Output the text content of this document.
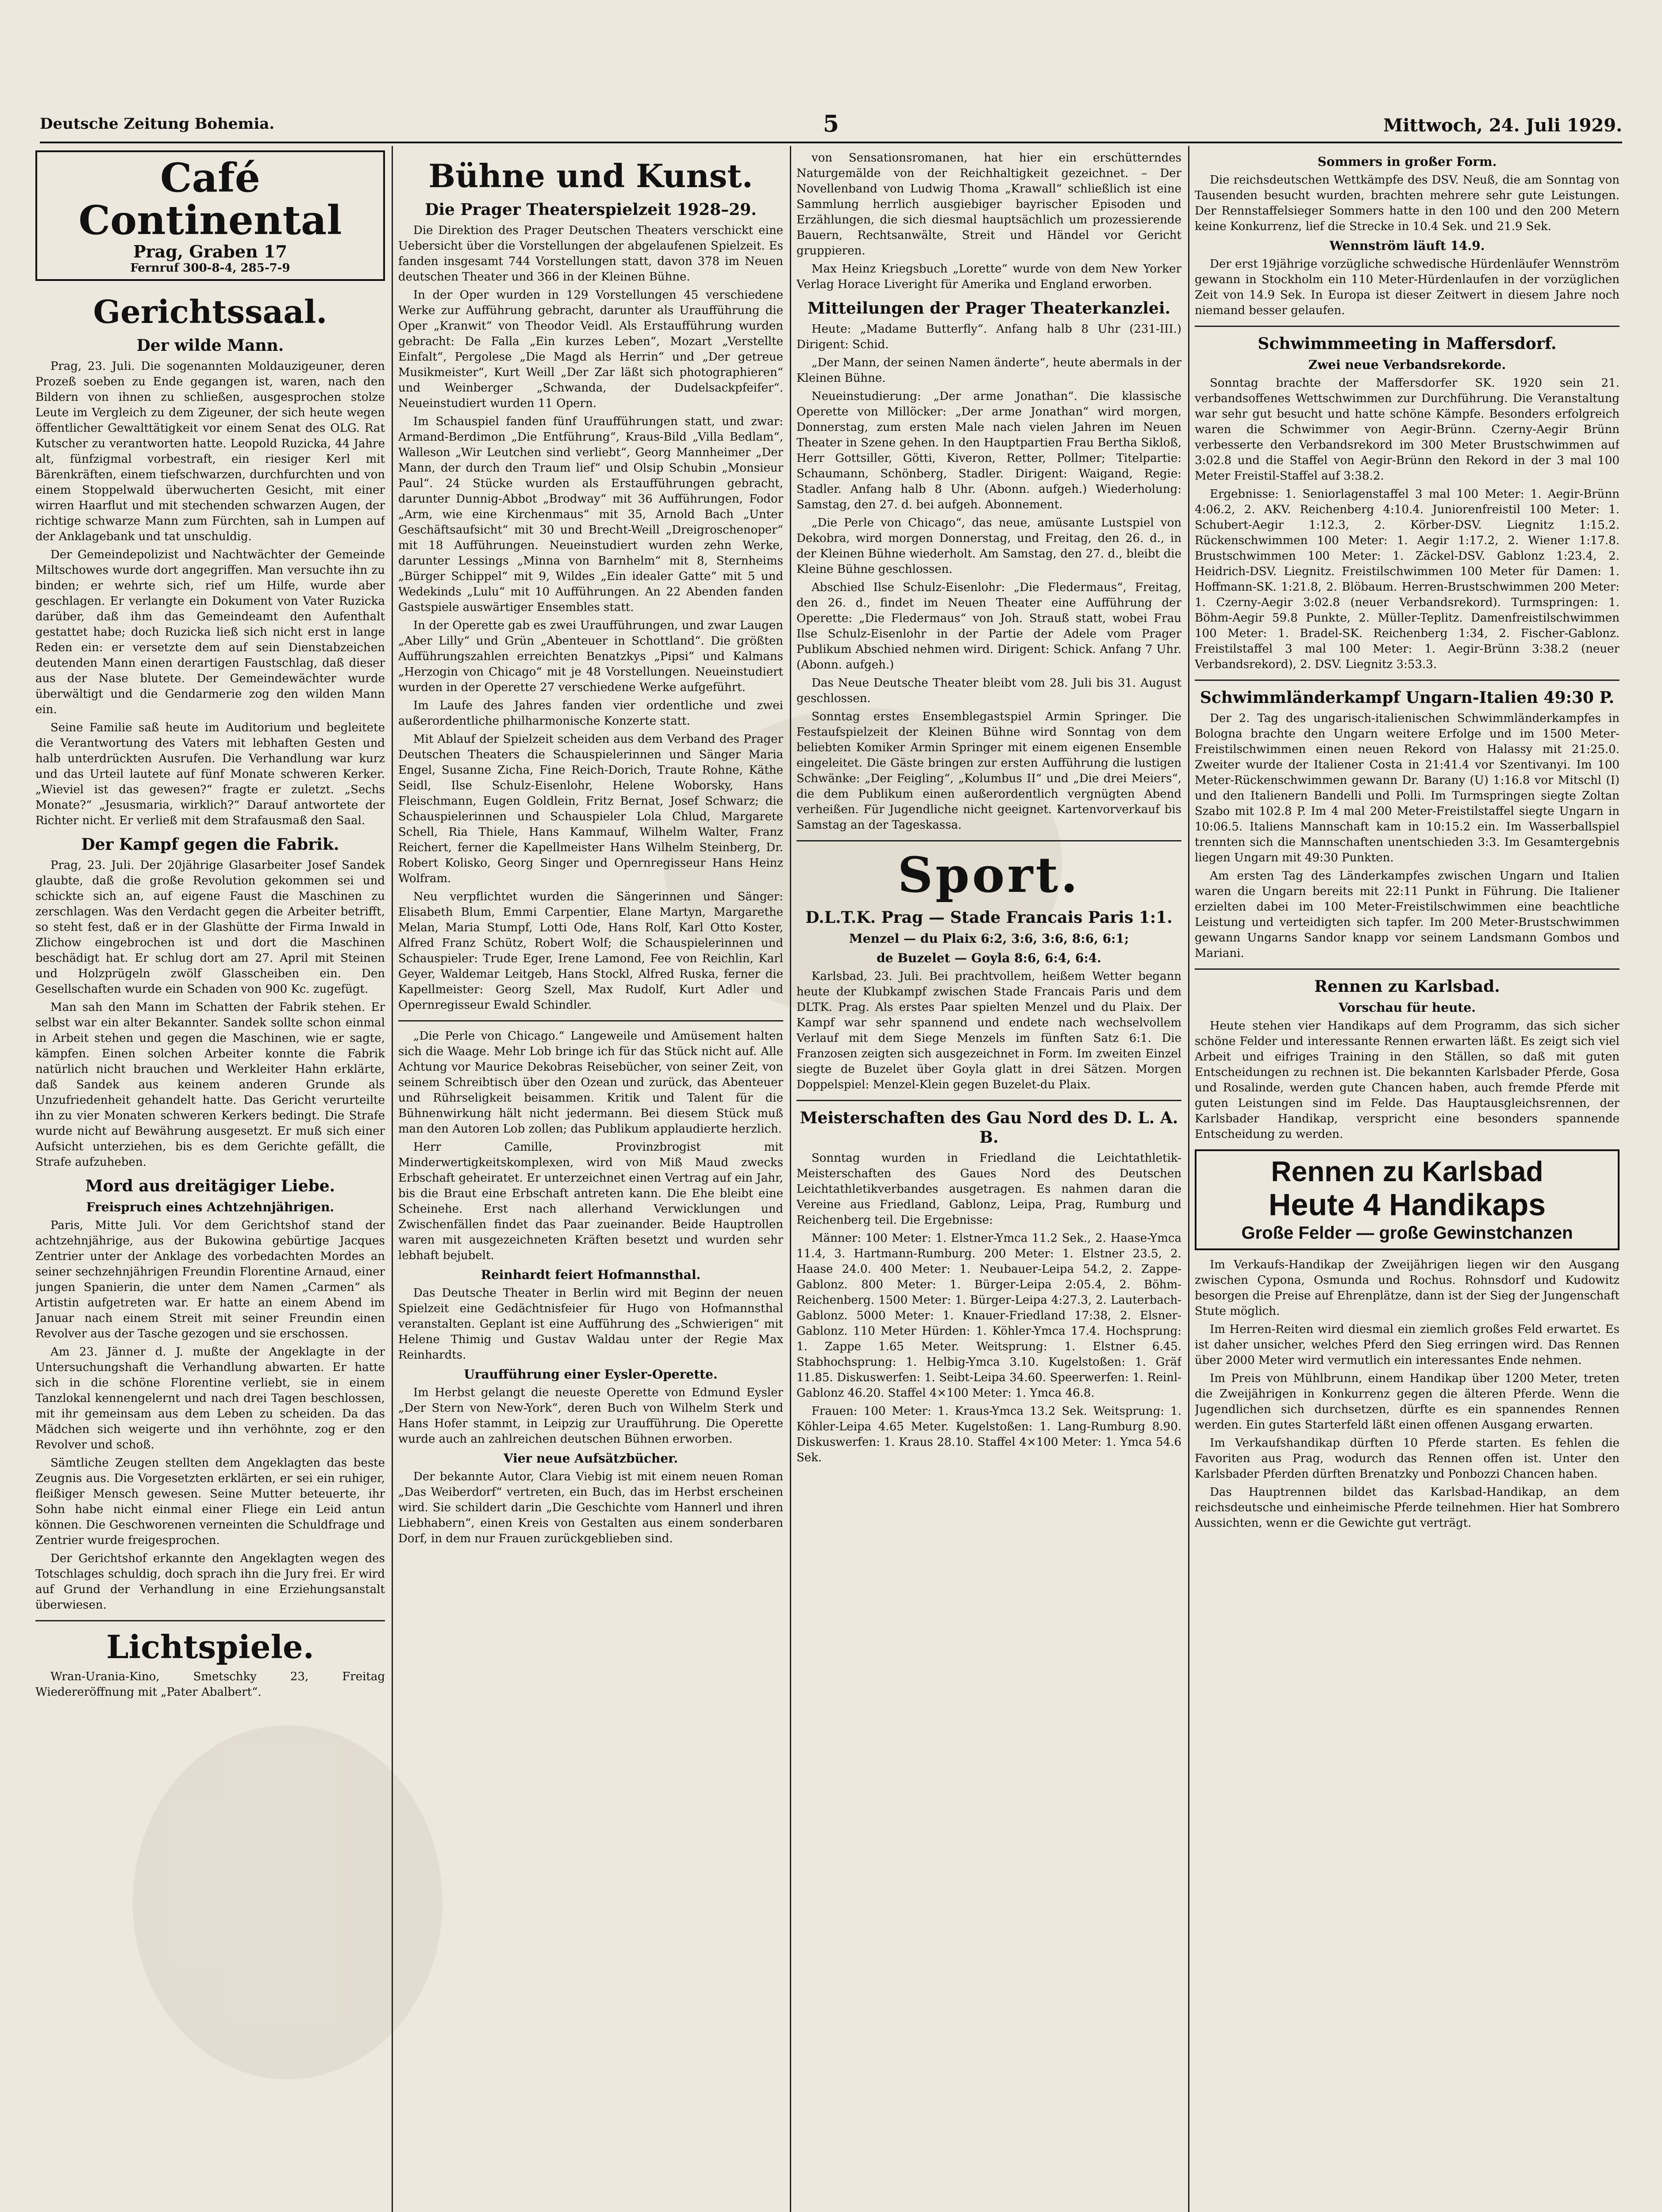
Deutsche Zeitung Bohemia.	5	Mittwoch, 24. Juli 1929.
Café Continental
Prag, Graben 17
Fernruf 300-8-4, 285-7-9
Gerichtssaal.
Der wilde Mann.

Prag, 23. Juli. Die sogenannten Moldauzigeuner, deren Prozeß soeben zu Ende gegangen ist, waren, nach den Bildern von ihnen zu schließen, ausgesprochen stolze Leute im Vergleich zu dem Zigeuner, der sich heute wegen öffentlicher Gewalttätigkeit vor einem Senat des OLG. Rat Kutscher zu verantworten hatte. Leopold Ruzicka, 44 Jahre alt, fünfzigmal vorbestraft, ein riesiger Kerl mit Bärenkräften, einem tiefschwarzen, durchfurchten und von einem Stoppelwald überwucherten Gesicht, mit einer wirren Haarflut und mit stechenden schwarzen Augen, der richtige schwarze Mann zum Fürchten, sah in Lumpen auf der Anklagebank und tat unschuldig.

Der Gemeindepolizist und Nachtwächter der Gemeinde Miltschowes wurde dort angegriffen. Man versuchte ihn zu binden; er wehrte sich, rief um Hilfe, wurde aber geschlagen. Er verlangte ein Dokument von Vater Ruzicka darüber, daß ihm das Gemeindeamt den Aufenthalt gestattet habe; doch Ruzicka ließ sich nicht erst in lange Reden ein: er versetzte dem auf sein Dienstabzeichen deutenden Mann einen derartigen Faustschlag, daß dieser aus der Nase blutete. Der Gemeindewächter wurde überwältigt und die Gendarmerie zog den wilden Mann ein.

Seine Familie saß heute im Auditorium und begleitete die Verantwortung des Vaters mit lebhaften Gesten und halb unterdrückten Ausrufen. Die Verhandlung war kurz und das Urteil lautete auf fünf Monate schweren Kerker. „Wieviel ist das gewesen?“ fragte er zuletzt. „Sechs Monate?“ „Jesusmaria, wirklich?“ Darauf antwortete der Richter nicht. Er verließ mit dem Strafausmaß den Saal.

Der Kampf gegen die Fabrik.

Prag, 23. Juli. Der 20jährige Glasarbeiter Josef Sandek glaubte, daß die große Revolution gekommen sei und schickte sich an, auf eigene Faust die Maschinen zu zerschlagen. Was den Verdacht gegen die Arbeiter betrifft, so steht fest, daß er in der Glashütte der Firma Inwald in Zlichow eingebrochen ist und dort die Maschinen beschädigt hat. Er schlug dort am 27. April mit Steinen und Holzprügeln zwölf Glasscheiben ein. Den Gesellschaften wurde ein Schaden von 900 Kc. zugefügt.

Man sah den Mann im Schatten der Fabrik stehen. Er selbst war ein alter Bekannter. Sandek sollte schon einmal in Arbeit stehen und gegen die Maschinen, wie er sagte, kämpfen. Einen solchen Arbeiter konnte die Fabrik natürlich nicht brauchen und Werkleiter Hahn erklärte, daß Sandek aus keinem anderen Grunde als Unzufriedenheit gehandelt hatte. Das Gericht verurteilte ihn zu vier Monaten schweren Kerkers bedingt. Die Strafe wurde nicht auf Bewährung ausgesetzt. Er muß sich einer Aufsicht unterziehen, bis es dem Gerichte gefällt, die Strafe aufzuheben.

Mord aus dreitägiger Liebe.
Freispruch eines Achtzehnjährigen.

Paris, Mitte Juli. Vor dem Gerichtshof stand der achtzehnjährige, aus der Bukowina gebürtige Jacques Zentrier unter der Anklage des vorbedachten Mordes an seiner sechzehnjährigen Freundin Florentine Arnaud, einer jungen Spanierin, die unter dem Namen „Carmen“ als Artistin aufgetreten war. Er hatte an einem Abend im Januar nach einem Streit mit seiner Freundin einen Revolver aus der Tasche gezogen und sie erschossen.

Am 23. Jänner d. J. mußte der Angeklagte in der Untersuchungshaft die Verhandlung abwarten. Er hatte sich in die schöne Florentine verliebt, sie in einem Tanzlokal kennengelernt und nach drei Tagen beschlossen, mit ihr gemeinsam aus dem Leben zu scheiden. Da das Mädchen sich weigerte und ihn verhöhnte, zog er den Revolver und schoß.

Sämtliche Zeugen stellten dem Angeklagten das beste Zeugnis aus. Die Vorgesetzten erklärten, er sei ein ruhiger, fleißiger Mensch gewesen. Seine Mutter beteuerte, ihr Sohn habe nicht einmal einer Fliege ein Leid antun können. Die Geschworenen verneinten die Schuldfrage und Zentrier wurde freigesprochen.

Der Gerichtshof erkannte den Angeklagten wegen des Totschlages schuldig, doch sprach ihn die Jury frei. Er wird auf Grund der Verhandlung in eine Erziehungsanstalt überwiesen.

Lichtspiele.

Wran-Urania-Kino, Smetschky 23, Freitag Wiedereröffnung mit „Pater Abalbert“.

Bühne und Kunst.
Die Prager Theaterspielzeit 1928–29.

Die Direktion des Prager Deutschen Theaters verschickt eine Uebersicht über die Vorstellungen der abgelaufenen Spielzeit. Es fanden insgesamt 744 Vorstellungen statt, davon 378 im Neuen deutschen Theater und 366 in der Kleinen Bühne.

In der Oper wurden in 129 Vorstellungen 45 verschiedene Werke zur Aufführung gebracht, darunter als Uraufführung die Oper „Kranwit“ von Theodor Veidl. Als Erstaufführung wurden gebracht: De Falla „Ein kurzes Leben“, Mozart „Verstellte Einfalt“, Pergolese „Die Magd als Herrin“ und „Der getreue Musikmeister“, Kurt Weill „Der Zar läßt sich photographieren“ und Weinberger „Schwanda, der Dudelsackpfeifer“. Neueinstudiert wurden 11 Opern.

Im Schauspiel fanden fünf Uraufführungen statt, und zwar: Armand-Berdimon „Die Entführung“, Kraus-Bild „Villa Bedlam“, Walleson „Wir Leutchen sind verliebt“, Georg Mannheimer „Der Mann, der durch den Traum lief“ und Olsip Schubin „Monsieur Paul“. 24 Stücke wurden als Erstaufführungen gebracht, darunter Dunnig-Abbot „Brodway“ mit 36 Aufführungen, Fodor „Arm, wie eine Kirchenmaus“ mit 35, Arnold Bach „Unter Geschäftsaufsicht“ mit 30 und Brecht-Weill „Dreigroschenoper“ mit 18 Aufführungen. Neueinstudiert wurden zehn Werke, darunter Lessings „Minna von Barnhelm“ mit 8, Sternheims „Bürger Schippel“ mit 9, Wildes „Ein idealer Gatte“ mit 5 und Wedekinds „Lulu“ mit 10 Aufführungen. An 22 Abenden fanden Gastspiele auswärtiger Ensembles statt.

In der Operette gab es zwei Uraufführungen, und zwar Laugen „Aber Lilly“ und Grün „Abenteuer in Schottland“. Die größten Aufführungszahlen erreichten Benatzkys „Pipsi“ und Kalmans „Herzogin von Chicago“ mit je 48 Vorstellungen. Neueinstudiert wurden in der Operette 27 verschiedene Werke aufgeführt.

Im Laufe des Jahres fanden vier ordentliche und zwei außerordentliche philharmonische Konzerte statt.

Mit Ablauf der Spielzeit scheiden aus dem Verband des Prager Deutschen Theaters die Schauspielerinnen und Sänger Maria Engel, Susanne Zicha, Fine Reich-Dorich, Traute Rohne, Käthe Seidl, Ilse Schulz-Eisenlohr, Helene Woborsky, Hans Fleischmann, Eugen Goldlein, Fritz Bernat, Josef Schwarz; die Schauspielerinnen und Schauspieler Lola Chlud, Margarete Schell, Ria Thiele, Hans Kammauf, Wilhelm Walter, Franz Reichert, ferner die Kapellmeister Hans Wilhelm Steinberg, Dr. Robert Kolisko, Georg Singer und Opernregisseur Hans Heinz Wolfram.

Neu verpflichtet wurden die Sängerinnen und Sänger: Elisabeth Blum, Emmi Carpentier, Elane Martyn, Margarethe Melan, Maria Stumpf, Lotti Ode, Hans Rolf, Karl Otto Koster, Alfred Franz Schütz, Robert Wolf; die Schauspielerinnen und Schauspieler: Trude Eger, Irene Lamond, Fee von Reichlin, Karl Geyer, Waldemar Leitgeb, Hans Stockl, Alfred Ruska, ferner die Kapellmeister: Georg Szell, Max Rudolf, Kurt Adler und Opernregisseur Ewald Schindler.

„Die Perle von Chicago.“ Langeweile und Amüsement halten sich die Waage. Mehr Lob bringe ich für das Stück nicht auf. Alle Achtung vor Maurice Dekobras Reisebücher, von seiner Zeit, von seinem Schreibtisch über den Ozean und zurück, das Abenteuer und Rührseligkeit beisammen. Kritik und Talent für die Bühnenwirkung hält nicht jedermann. Bei diesem Stück muß man den Autoren Lob zollen; das Publikum applaudierte herzlich.

Herr Camille, Provinzbrogist mit Minderwertigkeitskomplexen, wird von Miß Maud zwecks Erbschaft geheiratet. Er unterzeichnet einen Vertrag auf ein Jahr, bis die Braut eine Erbschaft antreten kann. Die Ehe bleibt eine Scheinehe. Erst nach allerhand Verwicklungen und Zwischenfällen findet das Paar zueinander. Beide Hauptrollen waren mit ausgezeichneten Kräften besetzt und wurden sehr lebhaft bejubelt.

Reinhardt feiert Hofmannsthal.

Das Deutsche Theater in Berlin wird mit Beginn der neuen Spielzeit eine Gedächtnisfeier für Hugo von Hofmannsthal veranstalten. Geplant ist eine Aufführung des „Schwierigen“ mit Helene Thimig und Gustav Waldau unter der Regie Max Reinhardts.

Uraufführung einer Eysler-Operette.

Im Herbst gelangt die neueste Operette von Edmund Eysler „Der Stern von New-York“, deren Buch von Wilhelm Sterk und Hans Hofer stammt, in Leipzig zur Uraufführung. Die Operette wurde auch an zahlreichen deutschen Bühnen erworben.

Vier neue Aufsätzbücher.

Der bekannte Autor, Clara Viebig ist mit einem neuen Roman „Das Weiberdorf“ vertreten, ein Buch, das im Herbst erscheinen wird. Sie schildert darin „Die Geschichte vom Hannerl und ihren Liebhabern“, einen Kreis von Gestalten aus einem sonderbaren Dorf, in dem nur Frauen zurückgeblieben sind.

von Sensationsromanen, hat hier ein erschütterndes Naturgemälde von der Reichhaltigkeit gezeichnet. – Der Novellenband von Ludwig Thoma „Krawall“ schließlich ist eine Sammlung herrlich ausgiebiger bayrischer Episoden und Erzählungen, die sich diesmal hauptsächlich um prozessierende Bauern, Rechtsanwälte, Streit und Händel vor Gericht gruppieren.

Max Heinz Kriegsbuch „Lorette“ wurde von dem New Yorker Verlag Horace Liveright für Amerika und England erworben.

Mitteilungen der Prager Theaterkanzlei.

Heute: „Madame Butterfly“. Anfang halb 8 Uhr (231-III.) Dirigent: Schid.

„Der Mann, der seinen Namen änderte“, heute abermals in der Kleinen Bühne.

Neueinstudierung: „Der arme Jonathan“. Die klassische Operette von Millöcker: „Der arme Jonathan“ wird morgen, Donnerstag, zum ersten Male nach vielen Jahren im Neuen Theater in Szene gehen. In den Hauptpartien Frau Bertha Sikloß, Herr Gottsiller, Götti, Kiveron, Retter, Pollmer; Titelpartie: Schaumann, Schönberg, Stadler. Dirigent: Waigand, Regie: Stadler. Anfang halb 8 Uhr. (Abonn. aufgeh.) Wiederholung: Samstag, den 27. d. bei aufgeh. Abonnement.

„Die Perle von Chicago“, das neue, amüsante Lustspiel von Dekobra, wird morgen Donnerstag, und Freitag, den 26. d., in der Kleinen Bühne wiederholt. Am Samstag, den 27. d., bleibt die Kleine Bühne geschlossen.

Abschied Ilse Schulz-Eisenlohr: „Die Fledermaus“, Freitag, den 26. d., findet im Neuen Theater eine Aufführung der Operette: „Die Fledermaus“ von Joh. Strauß statt, wobei Frau Ilse Schulz-Eisenlohr in der Partie der Adele vom Prager Publikum Abschied nehmen wird. Dirigent: Schick. Anfang 7 Uhr. (Abonn. aufgeh.)

Das Neue Deutsche Theater bleibt vom 28. Juli bis 31. August geschlossen.

Sonntag erstes Ensemblegastspiel Armin Springer. Die Festaufspielzeit der Kleinen Bühne wird Sonntag von dem beliebten Komiker Armin Springer mit einem eigenen Ensemble eingeleitet. Die Gäste bringen zur ersten Aufführung die lustigen Schwänke: „Der Feigling“, „Kolumbus II“ und „Die drei Meiers“, die dem Publikum einen außerordentlich vergnügten Abend verheißen. Für Jugendliche nicht geeignet. Kartenvorverkauf bis Samstag an der Tageskassa.

Sport.
D.L.T.K. Prag — Stade Francais Paris 1:1.
Menzel — du Plaix 6:2, 3:6, 3:6, 8:6, 6:1;
de Buzelet — Goyla 8:6, 6:4, 6:4.

Karlsbad, 23. Juli. Bei prachtvollem, heißem Wetter begann heute der Klubkampf zwischen Stade Francais Paris und dem DLTK. Prag. Als erstes Paar spielten Menzel und du Plaix. Der Kampf war sehr spannend und endete nach wechselvollem Verlauf mit dem Siege Menzels im fünften Satz 6:1. Die Franzosen zeigten sich ausgezeichnet in Form. Im zweiten Einzel siegte de Buzelet über Goyla glatt in drei Sätzen. Morgen Doppelspiel: Menzel-Klein gegen Buzelet-du Plaix.

Meisterschaften des Gau Nord des D. L. A. B.

Sonntag wurden in Friedland die Leichtathletik-Meisterschaften des Gaues Nord des Deutschen Leichtathletikverbandes ausgetragen. Es nahmen daran die Vereine aus Friedland, Gablonz, Leipa, Prag, Rumburg und Reichenberg teil. Die Ergebnisse:

Männer: 100 Meter: 1. Elstner-Ymca 11.2 Sek., 2. Haase-Ymca 11.4, 3. Hartmann-Rumburg. 200 Meter: 1. Elstner 23.5, 2. Haase 24.0. 400 Meter: 1. Neubauer-Leipa 54.2, 2. Zappe-Gablonz. 800 Meter: 1. Bürger-Leipa 2:05.4, 2. Böhm-Reichenberg. 1500 Meter: 1. Bürger-Leipa 4:27.3, 2. Lauterbach-Gablonz. 5000 Meter: 1. Knauer-Friedland 17:38, 2. Elsner-Gablonz. 110 Meter Hürden: 1. Köhler-Ymca 17.4. Hochsprung: 1. Zappe 1.65 Meter. Weitsprung: 1. Elstner 6.45. Stabhochsprung: 1. Helbig-Ymca 3.10. Kugelstoßen: 1. Gräf 11.85. Diskuswerfen: 1. Seibt-Leipa 34.60. Speerwerfen: 1. Reinl-Gablonz 46.20. Staffel 4×100 Meter: 1. Ymca 46.8.

Frauen: 100 Meter: 1. Kraus-Ymca 13.2 Sek. Weitsprung: 1. Köhler-Leipa 4.65 Meter. Kugelstoßen: 1. Lang-Rumburg 8.90. Diskuswerfen: 1. Kraus 28.10. Staffel 4×100 Meter: 1. Ymca 54.6 Sek.

Sommers in großer Form.

Die reichsdeutschen Wettkämpfe des DSV. Neuß, die am Sonntag von Tausenden besucht wurden, brachten mehrere sehr gute Leistungen. Der Rennstaffelsieger Sommers hatte in den 100 und den 200 Metern keine Konkurrenz, lief die Strecke in 10.4 Sek. und 21.9 Sek.

Wennström läuft 14.9.

Der erst 19jährige vorzügliche schwedische Hürdenläufer Wennström gewann in Stockholm ein 110 Meter-Hürdenlaufen in der vorzüglichen Zeit von 14.9 Sek. In Europa ist dieser Zeitwert in diesem Jahre noch niemand besser gelaufen.

Schwimmmeeting in Maffersdorf.
Zwei neue Verbandsrekorde.

Sonntag brachte der Maffersdorfer SK. 1920 sein 21. verbandsoffenes Wettschwimmen zur Durchführung. Die Veranstaltung war sehr gut besucht und hatte schöne Kämpfe. Besonders erfolgreich waren die Schwimmer von Aegir-Brünn. Czerny-Aegir Brünn verbesserte den Verbandsrekord im 300 Meter Brustschwimmen auf 3:02.8 und die Staffel von Aegir-Brünn den Rekord in der 3 mal 100 Meter Freistil-Staffel auf 3:38.2.

Ergebnisse: 1. Seniorlagenstaffel 3 mal 100 Meter: 1. Aegir-Brünn 4:06.2, 2. AKV. Reichenberg 4:10.4. Juniorenfreistil 100 Meter: 1. Schubert-Aegir 1:12.3, 2. Körber-DSV. Liegnitz 1:15.2. Rückenschwimmen 100 Meter: 1. Aegir 1:17.2, 2. Wiener 1:17.8. Brustschwimmen 100 Meter: 1. Zäckel-DSV. Gablonz 1:23.4, 2. Heidrich-DSV. Liegnitz. Freistilschwimmen 100 Meter für Damen: 1. Hoffmann-SK. 1:21.8, 2. Blöbaum. Herren-Brustschwimmen 200 Meter: 1. Czerny-Aegir 3:02.8 (neuer Verbandsrekord). Turmspringen: 1. Böhm-Aegir 59.8 Punkte, 2. Müller-Teplitz. Damenfreistilschwimmen 100 Meter: 1. Bradel-SK. Reichenberg 1:34, 2. Fischer-Gablonz. Freistilstaffel 3 mal 100 Meter: 1. Aegir-Brünn 3:38.2 (neuer Verbandsrekord), 2. DSV. Liegnitz 3:53.3.

Schwimmländerkampf Ungarn-Italien 49:30 P.

Der 2. Tag des ungarisch-italienischen Schwimmländerkampfes in Bologna brachte den Ungarn weitere Erfolge und im 1500 Meter-Freistilschwimmen einen neuen Rekord von Halassy mit 21:25.0. Zweiter wurde der Italiener Costa in 21:41.4 vor Szentivanyi. Im 100 Meter-Rückenschwimmen gewann Dr. Barany (U) 1:16.8 vor Mitschl (I) und den Italienern Bandelli und Polli. Im Turmspringen siegte Zoltan Szabo mit 102.8 P. Im 4 mal 200 Meter-Freistilstaffel siegte Ungarn in 10:06.5. Italiens Mannschaft kam in 10:15.2 ein. Im Wasserballspiel trennten sich die Mannschaften unentschieden 3:3. Im Gesamtergebnis liegen Ungarn mit 49:30 Punkten.

Am ersten Tag des Länderkampfes zwischen Ungarn und Italien waren die Ungarn bereits mit 22:11 Punkt in Führung. Die Italiener erzielten dabei im 100 Meter-Freistilschwimmen eine beachtliche Leistung und verteidigten sich tapfer. Im 200 Meter-Brustschwimmen gewann Ungarns Sandor knapp vor seinem Landsmann Gombos und Mariani.

Rennen zu Karlsbad.
Vorschau für heute.

Heute stehen vier Handikaps auf dem Programm, das sich sicher schöne Felder und interessante Rennen erwarten läßt. Es zeigt sich viel Arbeit und eifriges Training in den Ställen, so daß mit guten Entscheidungen zu rechnen ist. Die bekannten Karlsbader Pferde, Gosa und Rosalinde, werden gute Chancen haben, auch fremde Pferde mit guten Leistungen sind im Felde. Das Hauptausgleichsrennen, der Karlsbader Handikap, verspricht eine besonders spannende Entscheidung zu werden.

Rennen zu Karlsbad
Heute 4 Handikaps
Große Felder — große Gewinstchanzen

Im Verkaufs-Handikap der Zweijährigen liegen wir den Ausgang zwischen Cypona, Osmunda und Rochus. Rohnsdorf und Kudowitz besorgen die Preise auf Ehrenplätze, dann ist der Sieg der Jungenschaft Stute möglich.

Im Herren-Reiten wird diesmal ein ziemlich großes Feld erwartet. Es ist daher unsicher, welches Pferd den Sieg erringen wird. Das Rennen über 2000 Meter wird vermutlich ein interessantes Ende nehmen.

Im Preis von Mühlbrunn, einem Handikap über 1200 Meter, treten die Zweijährigen in Konkurrenz gegen die älteren Pferde. Wenn die Jugendlichen sich durchsetzen, dürfte es ein spannendes Rennen werden. Ein gutes Starterfeld läßt einen offenen Ausgang erwarten.

Im Verkaufshandikap dürften 10 Pferde starten. Es fehlen die Favoriten aus Prag, wodurch das Rennen offen ist. Unter den Karlsbader Pferden dürften Brenatzky und Ponbozzi Chancen haben.

Das Hauptrennen bildet das Karlsbad-Handikap, an dem reichsdeutsche und einheimische Pferde teilnehmen. Hier hat Sombrero Aussichten, wenn er die Gewichte gut verträgt.
